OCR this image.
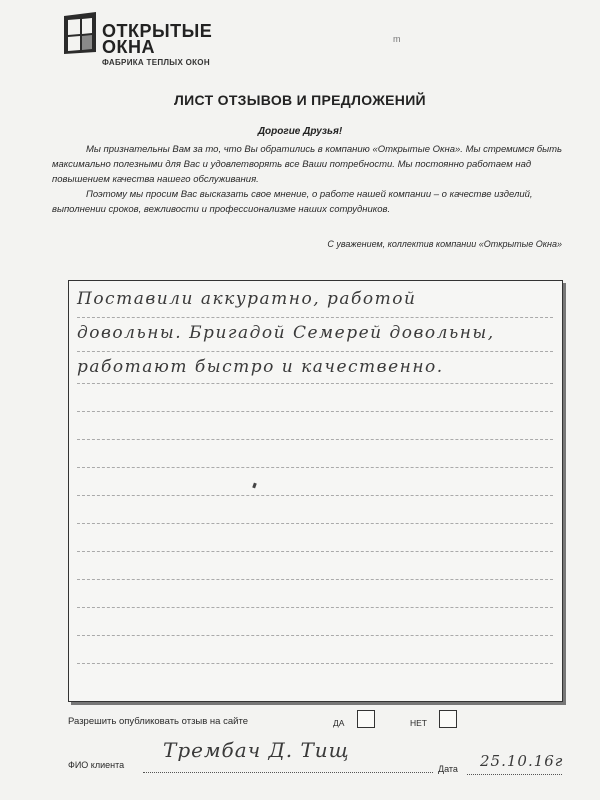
ОТКРЫТЫЕ
ОКНА
ФАБРИКА ТЕПЛЫХ ОКОН
m
ЛИСТ ОТЗЫВОВ И ПРЕДЛОЖЕНИЙ
Дорогие Друзья!

Мы признательны Вам за то, что Вы обратились в компанию «Открытые Окна». Мы стремимся быть максимально полезными для Вас и удовлетворять все Ваши потребности. Мы постоянно работаем над повышением качества нашего обслуживания.

Поэтому мы просим Вас высказать свое мнение, о работе нашей компании – о качестве изделий, выполнении сроков, вежливости и профессионализме наших сотрудников.

С уважением, коллектив компании «Открытые Окна»
Поставили аккуратно, работой
довольны. Бригадой Семерей довольны,
работают быстро и качественно.
Разрешить опубликовать отзыв на сайте	ДА	НЕТ
ФИО клиента
Трембач Д. Тищ
Дата 25.10.16г
